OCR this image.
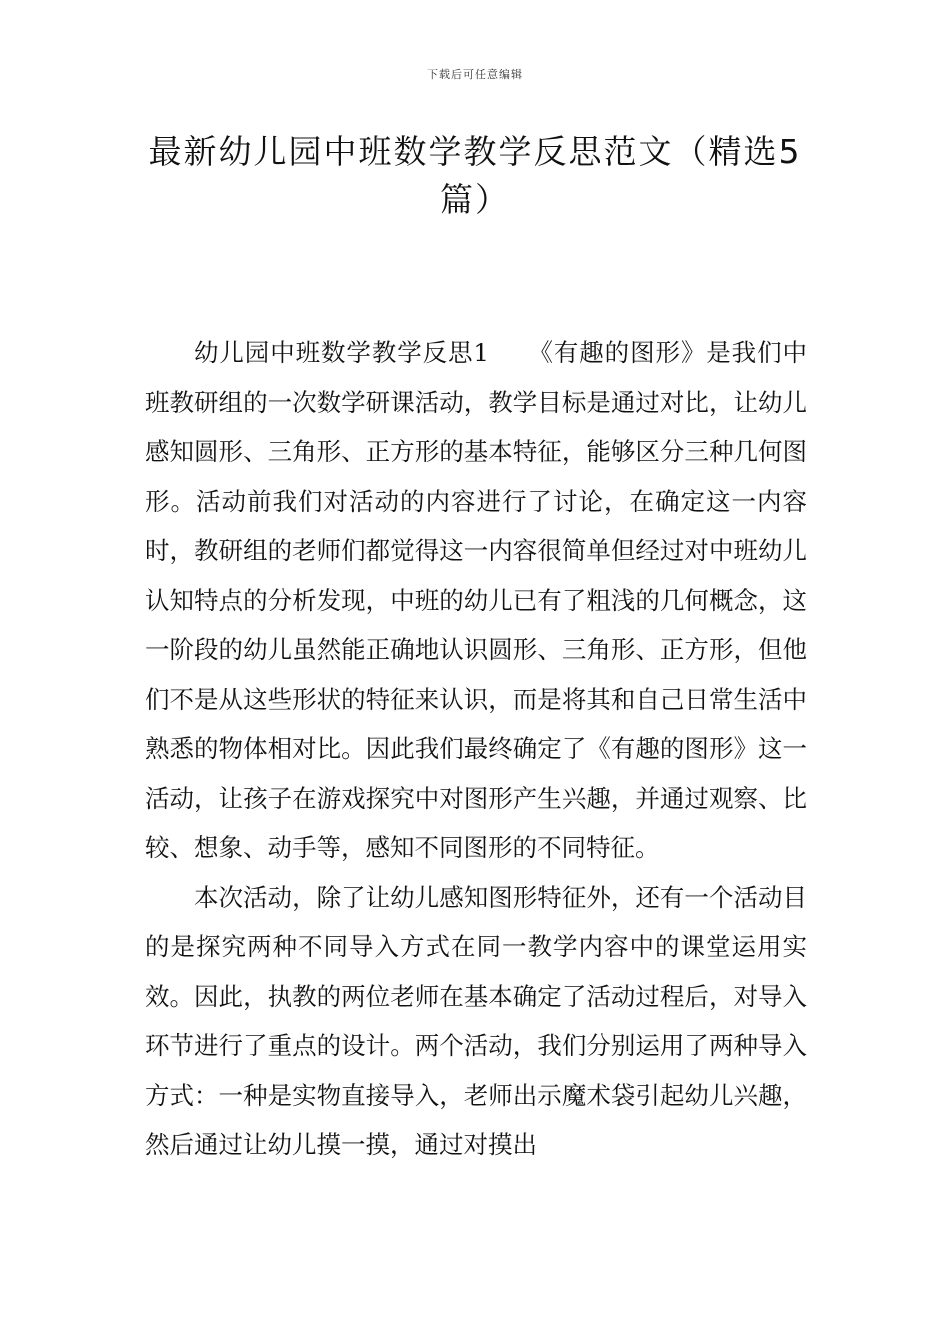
下载后可任意编辑
最新幼儿园中班数学教学反思范文（精选5篇）

幼儿园中班数学教学反思1　　《有趣的图形》是我们中班教研组的一次数学研课活动，教学目标是通过对比，让幼儿感知圆形、三角形、正方形的基本特征，能够区分三种几何图形。活动前我们对活动的内容进行了讨论，在确定这一内容时，教研组的老师们都觉得这一内容很简单但经过对中班幼儿认知特点的分析发现，中班的幼儿已有了粗浅的几何概念，这一阶段的幼儿虽然能正确地认识圆形、三角形、正方形，但他们不是从这些形状的特征来认识，而是将其和自己日常生活中熟悉的物体相对比。因此我们最终确定了《有趣的图形》这一活动，让孩子在游戏探究中对图形产生兴趣，并通过观察、比较、想象、动手等，感知不同图形的不同特征。

本次活动，除了让幼儿感知图形特征外，还有一个活动目的是探究两种不同导入方式在同一教学内容中的课堂运用实效。因此，执教的两位老师在基本确定了活动过程后，对导入环节进行了重点的设计。两个活动，我们分别运用了两种导入方式：一种是实物直接导入，老师出示魔术袋引起幼儿兴趣，然后通过让幼儿摸一摸，通过对摸出
